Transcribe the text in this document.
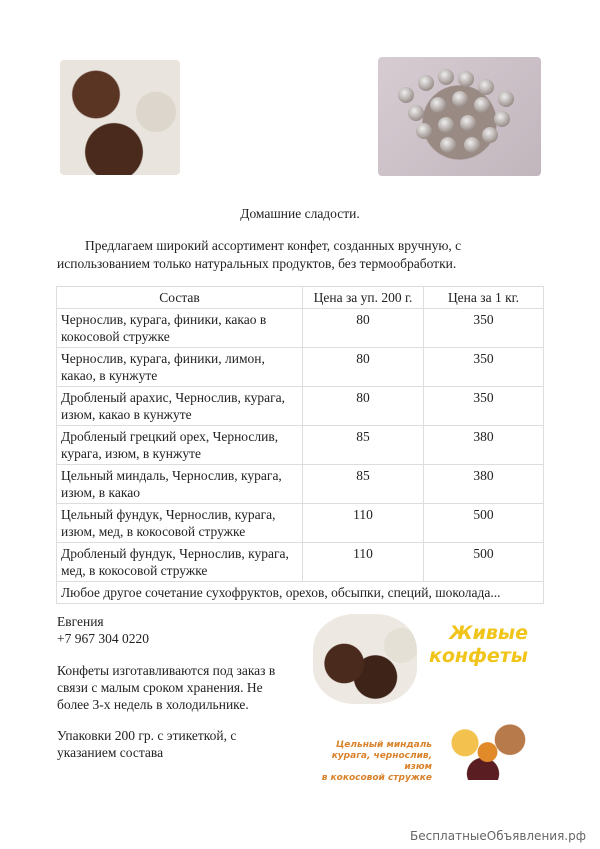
Домашние сладости.
Предлагаем широкий ассортимент конфет, созданных вручную, с использованием только натуральных продуктов, без термообработки.
Состав	Цена за уп. 200 г.	Цена за 1 кг.
Чернослив, курага, финики, какао в кокосовой стружке	80	350
Чернослив, курага, финики, лимон, какао, в кунжуте	80	350
Дробленый арахис, Чернослив, курага, изюм, какао в кунжуте	80	350
Дробленый грецкий орех, Чернослив, курага, изюм, в кунжуте	85	380
Цельный миндаль, Чернослив, курага, изюм, в какао	85	380
Цельный фундук, Чернослив, курага, изюм, мед, в кокосовой стружке	110	500
Дробленый фундук, Чернослив, курага, мед, в кокосовой стружке	110	500
Любое другое сочетание сухофруктов, орехов, обсыпки, специй, шоколада...		
Евгения
+7 967 304 0220
Конфеты изготавливаются под заказ в связи с малым сроком хранения. Не более 3-х недель в холодильнике.
Упаковки 200 гр. с этикеткой, с указанием состава
Живые
конфеты
Цельный миндаль
курага, чернослив, изюм
в кокосовой стружке
БесплатныеОбъявления.рф
